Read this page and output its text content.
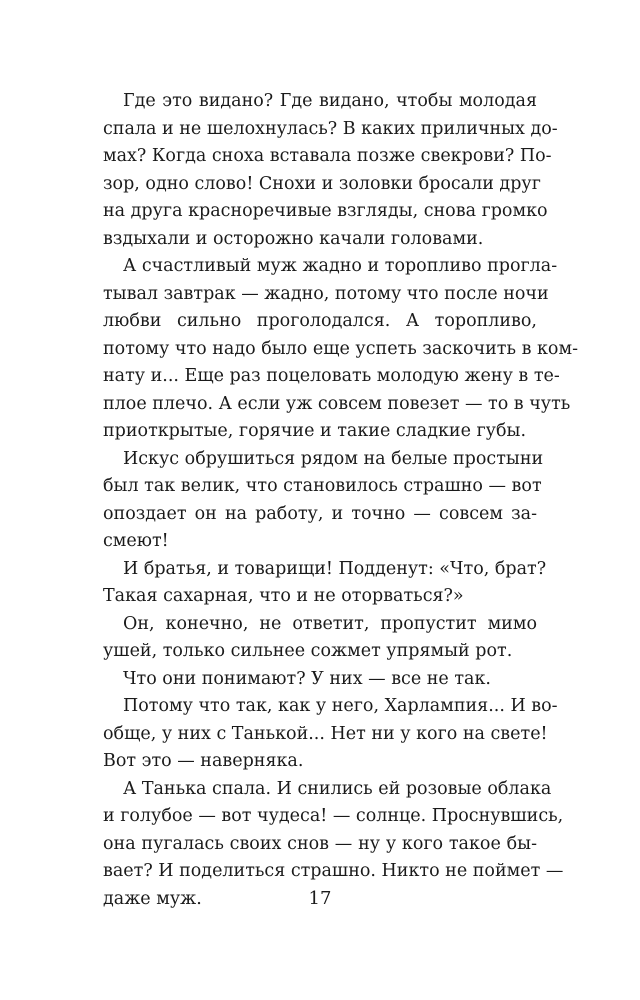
Где это видано? Где видано, чтобы молодая
спала и не шелохнулась? В каких приличных до-
мах? Когда сноха вставала позже свекрови? По-
зор, одно слово! Снохи и золовки бросали друг
на друга красноречивые взгляды, снова громко
вздыхали и осторожно качали головами.

А счастливый муж жадно и торопливо прогла-
тывал завтрак — жадно, потому что после ночи
любви сильно проголодался. А торопливо,
потому что надо было еще успеть заскочить в ком-
нату и... Еще раз поцеловать молодую жену в те-
плое плечо. А если уж совсем повезет — то в чуть
приоткрытые, горячие и такие сладкие губы.

Искус обрушиться рядом на белые простыни
был так велик, что становилось страшно — вот
опоздает он на работу, и точно — совсем за-
смеют!

И братья, и товарищи! Подденут: «Что, брат?
Такая сахарная, что и не оторваться?»

Он, конечно, не ответит, пропустит мимо
ушей, только сильнее сожмет упрямый рот.

Что они понимают? У них — все не так.

Потому что так, как у него, Харлампия... И во-
обще, у них с Танькой... Нет ни у кого на свете!
Вот это — наверняка.

А Танька спала. И снились ей розовые облака
и голубое — вот чудеса! — солнце. Проснувшись,
она пугалась своих снов — ну у кого такое бы-
вает? И поделиться страшно. Никто не поймет —
даже муж.	17
